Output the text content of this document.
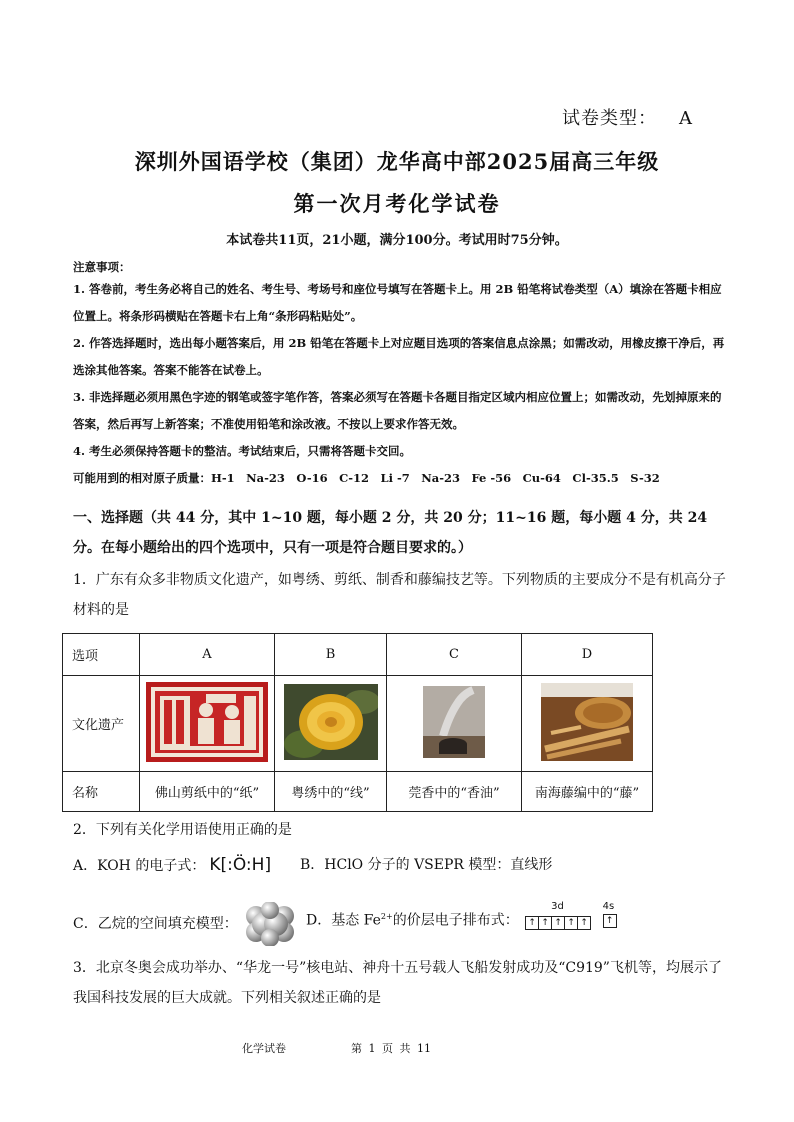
试卷类型： A
深圳外国语学校（集团）龙华高中部2025届高三年级
第一次月考化学试卷
本试卷共11页，21小题，满分100分。考试用时75分钟。
注意事项：
1. 答卷前，考生务必将自己的姓名、考生号、考场号和座位号填写在答题卡上。用 2B 铅笔将试卷类型（A）填涂在答题卡相应位置上。将条形码横贴在答题卡右上角“条形码粘贴处”。
2. 作答选择题时，选出每小题答案后，用 2B 铅笔在答题卡上对应题目选项的答案信息点涂黑；如需改动，用橡皮擦干净后，再选涂其他答案。答案不能答在试卷上。
3. 非选择题必须用黑色字迹的钢笔或签字笔作答，答案必须写在答题卡各题目指定区域内相应位置上；如需改动，先划掉原来的答案，然后再写上新答案；不准使用铅笔和涂改液。不按以上要求作答无效。
4. 考生必须保持答题卡的整洁。考试结束后，只需将答题卡交回。
可能用到的相对原子质量：H-1　Na-23　O-16　C-12　Li -7　Na-23　Fe -56　Cu-64　Cl-35.5　S-32
一、选择题（共 44 分，其中 1~10 题，每小题 2 分，共 20 分；11~16 题，每小题 4 分，共 24 分。在每小题给出的四个选项中，只有一项是符合题目要求的。）
1．广东有众多非物质文化遗产，如粤绣、剪纸、制香和藤编技艺等。下列物质的主要成分不是有机高分子材料的是
选项	A	B	C	D
文化遗产				
名称	佛山剪纸中的“纸”	粤绣中的“线”	莞香中的“香油”	南海藤编中的“藤”
2．下列有关化学用语使用正确的是
A．KOH 的电子式： K[:Ö:H] B．HClO 分子的 VSEPR 模型：直线形
C．乙烷的空间填充模型：	D．基态 $Fe^{2+}$的价层电子排布式：
3d
↑ ↑ ↑ ↑ ↑

4s
↑
3．北京冬奥会成功举办、“华龙一号”核电站、神舟十五号载人飞船发射成功及“C919”飞机等，均展示了我国科技发展的巨大成就。下列相关叙述正确的是
化学试卷	第 1 页 共 11
